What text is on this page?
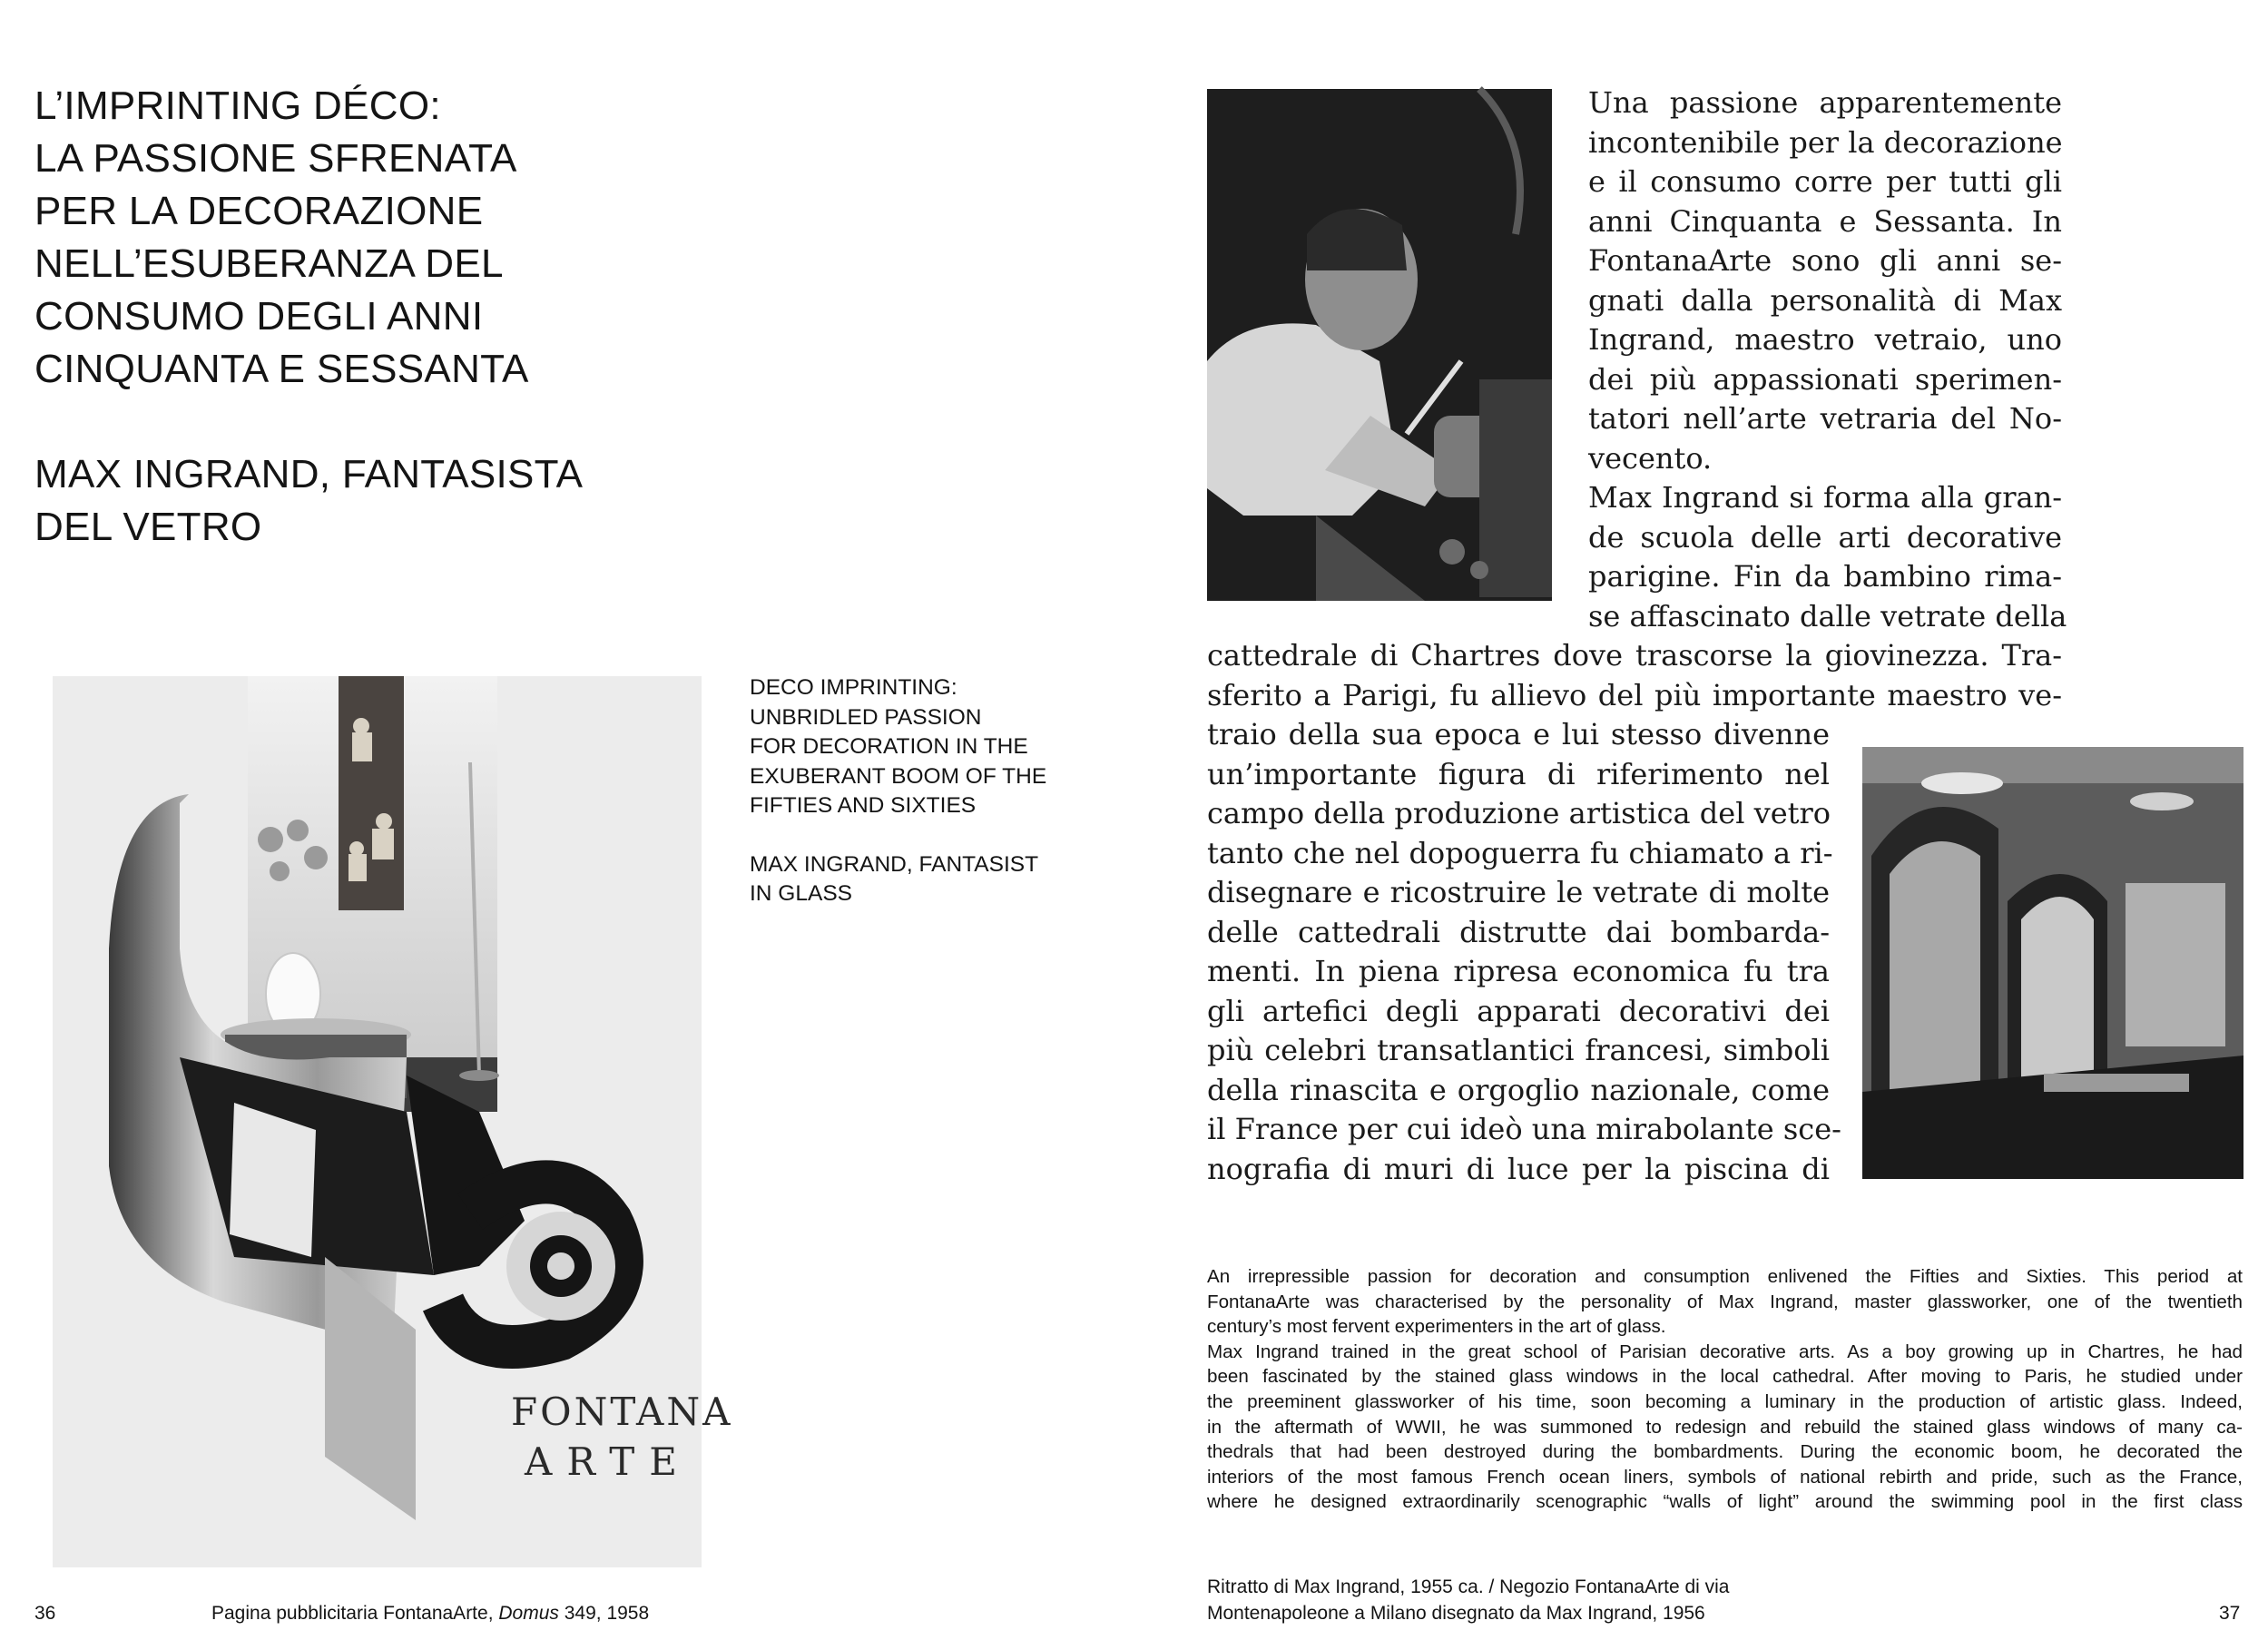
L’IMPRINTING DÉCO:
LA PASSIONE SFRENATA
PER LA DECORAZIONE
NELL’ESUBERANZA DEL
CONSUMO DEGLI ANNI
CINQUANTA E SESSANTA
MAX INGRAND, FANTASISTA
DEL VETRO
FONTANA
ARTE
DECO IMPRINTING:
UNBRIDLED PASSION
FOR DECORATION IN THE
EXUBERANT BOOM OF THE
FIFTIES AND SIXTIES
MAX INGRAND, FANTASIST
IN GLASS
36	Pagina pubblicitaria FontanaArte, Domus 349, 1958
Una passione apparentemente
incontenibile per la decorazione
e il consumo corre per tutti gli
anni Cinquanta e Sessanta. In
FontanaArte sono gli anni se-
gnati dalla personalità di Max
Ingrand, maestro vetraio, uno
dei più appassionati sperimen-
tatori nell’arte vetraria del No-
vecento.
Max Ingrand si forma alla gran-
de scuola delle arti decorative
parigine. Fin da bambino rima-
se affascinato dalle vetrate della
cattedrale di Chartres dove trascorse la giovinezza. Tra-
sferito a Parigi, fu allievo del più importante maestro ve-
traio della sua epoca e lui stesso divenne
un’importante figura di riferimento nel
campo della produzione artistica del vetro
tanto che nel dopoguerra fu chiamato a ri-
disegnare e ricostruire le vetrate di molte
delle cattedrali distrutte dai bombarda-
menti. In piena ripresa economica fu tra
gli artefici degli apparati decorativi dei
più celebri transatlantici francesi, simboli
della rinascita e orgoglio nazionale, come
il France per cui ideò una mirabolante sce-
nografia di muri di luce per la piscina di
An irrepressible passion for decoration and consumption enlivened the Fifties and Sixties. This period at
FontanaArte was characterised by the personality of Max Ingrand, master glassworker, one of the twentieth
century’s most fervent experimenters in the art of glass.
Max Ingrand trained in the great school of Parisian decorative arts. As a boy growing up in Chartres, he had
been fascinated by the stained glass windows in the local cathedral. After moving to Paris, he studied under
the preeminent glassworker of his time, soon becoming a luminary in the production of artistic glass. Indeed,
in the aftermath of WWII, he was summoned to redesign and rebuild the stained glass windows of many ca-
thedrals that had been destroyed during the bombardments. During the economic boom, he decorated the
interiors of the most famous French ocean liners, symbols of national rebirth and pride, such as the France,
where he designed extraordinarily scenographic “walls of light” around the swimming pool in the first class
Ritratto di Max Ingrand, 1955 ca. / Negozio FontanaArte di via
Montenapoleone a Milano disegnato da Max Ingrand, 1956	37
